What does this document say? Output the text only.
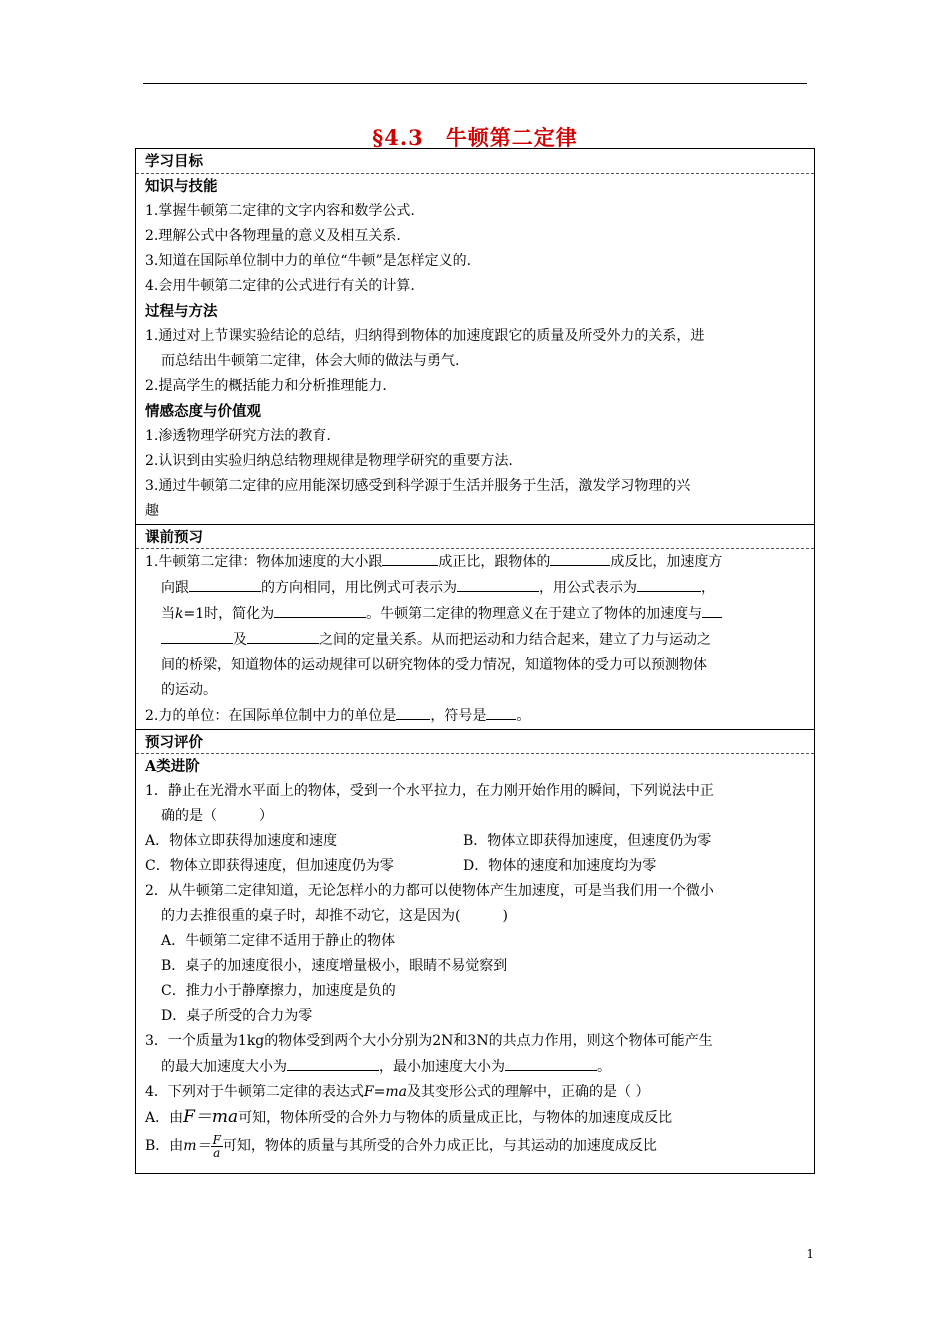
§4.3　牛顿第二定律
学习目标
知识与技能
1.掌握牛顿第二定律的文字内容和数学公式.
2.理解公式中各物理量的意义及相互关系.
3.知道在国际单位制中力的单位“牛顿”是怎样定义的.
4.会用牛顿第二定律的公式进行有关的计算.
过程与方法
1.通过对上节课实验结论的总结，归纳得到物体的加速度跟它的质量及所受外力的关系，进
而总结出牛顿第二定律，体会大师的做法与勇气.
2.提高学生的概括能力和分析推理能力.
情感态度与价值观
1.渗透物理学研究方法的教育.
2.认识到由实验归纳总结物理规律是物理学研究的重要方法.
3.通过牛顿第二定律的应用能深切感受到科学源于生活并服务于生活，激发学习物理的兴
趣
课前预习
1.牛顿第二定律：物体加速度的大小跟	成正比，跟物体的	成反比，加速度方
向跟	的方向相同，用比例式可表示为	，用公式表示为	，
当k=1时，简化为	。牛顿第二定律的物理意义在于建立了物体的加速度与
及	之间的定量关系。从而把运动和力结合起来，建立了力与运动之
间的桥梁，知道物体的运动规律可以研究物体的受力情况，知道物体的受力可以预测物体
的运动。
2.力的单位：在国际单位制中力的单位是 ，符号是 。
预习评价
A类进阶
1．静止在光滑水平面上的物体，受到一个水平拉力，在力刚开始作用的瞬间，下列说法中正
确的是（　　　）
A．物体立即获得加速度和速度	B．物体立即获得加速度，但速度仍为零
C．物体立即获得速度，但加速度仍为零	D．物体的速度和加速度均为零
2．从牛顿第二定律知道，无论怎样小的力都可以使物体产生加速度，可是当我们用一个微小
的力去推很重的桌子时，却推不动它，这是因为(　　　)
A．牛顿第二定律不适用于静止的物体
B．桌子的加速度很小，速度增量极小，眼睛不易觉察到
C．推力小于静摩擦力，加速度是负的
D．桌子所受的合力为零
3．一个质量为1kg的物体受到两个大小分别为2N和3N的共点力作用，则这个物体可能产生
的最大加速度大小为	，最小加速度大小为	。
4．下列对于牛顿第二定律的表达式F=ma及其变形公式的理解中，正确的是（ ）
A．由F＝ma可知，物体所受的合外力与物体的质量成正比，与物体的加速度成反比
B．由$m= \frac{F}{a}$ 可知，物体的质量与其所受的合外力成正比，与其运动的加速度成反比
1
